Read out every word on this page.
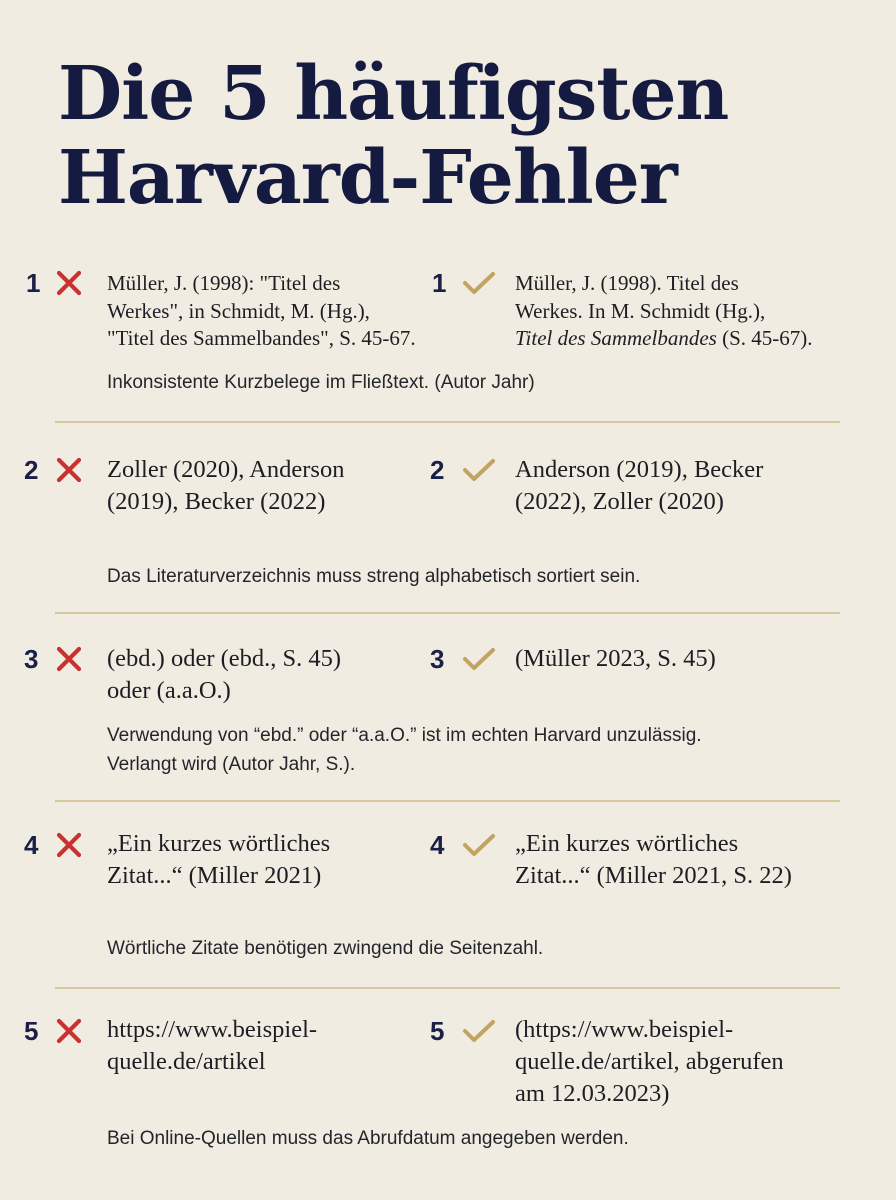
Die 5 häufigsten
Harvard-Fehler
1	Müller, J. (1998): "Titel des
Werkes", in Schmidt, M. (Hg.),
"Titel des Sammelbandes", S. 45-67.
1	Müller, J. (1998). Titel des
Werkes. In M. Schmidt (Hg.),
Titel des Sammelbandes (S. 45-67).
Inkonsistente Kurzbelege im Fließtext. (Autor Jahr)
2	Zoller (2020), Anderson
(2019), Becker (2022)
2	Anderson (2019), Becker
(2022), Zoller (2020)
Das Literaturverzeichnis muss streng alphabetisch sortiert sein.
3	(ebd.) oder (ebd., S. 45)
oder (a.a.O.)
3	(Müller 2023, S. 45)
Verwendung von “ebd.” oder “a.a.O.” ist im echten Harvard unzulässig.
Verlangt wird (Autor Jahr, S.).
4	„Ein kurzes wörtliches
Zitat...“ (Miller 2021)
4	„Ein kurzes wörtliches
Zitat...“ (Miller 2021, S. 22)
Wörtliche Zitate benötigen zwingend die Seitenzahl.
5	https://www.beispiel-
quelle.de/artikel
5	(https://www.beispiel-
quelle.de/artikel, abgerufen
am 12.03.2023)
Bei Online-Quellen muss das Abrufdatum angegeben werden.
